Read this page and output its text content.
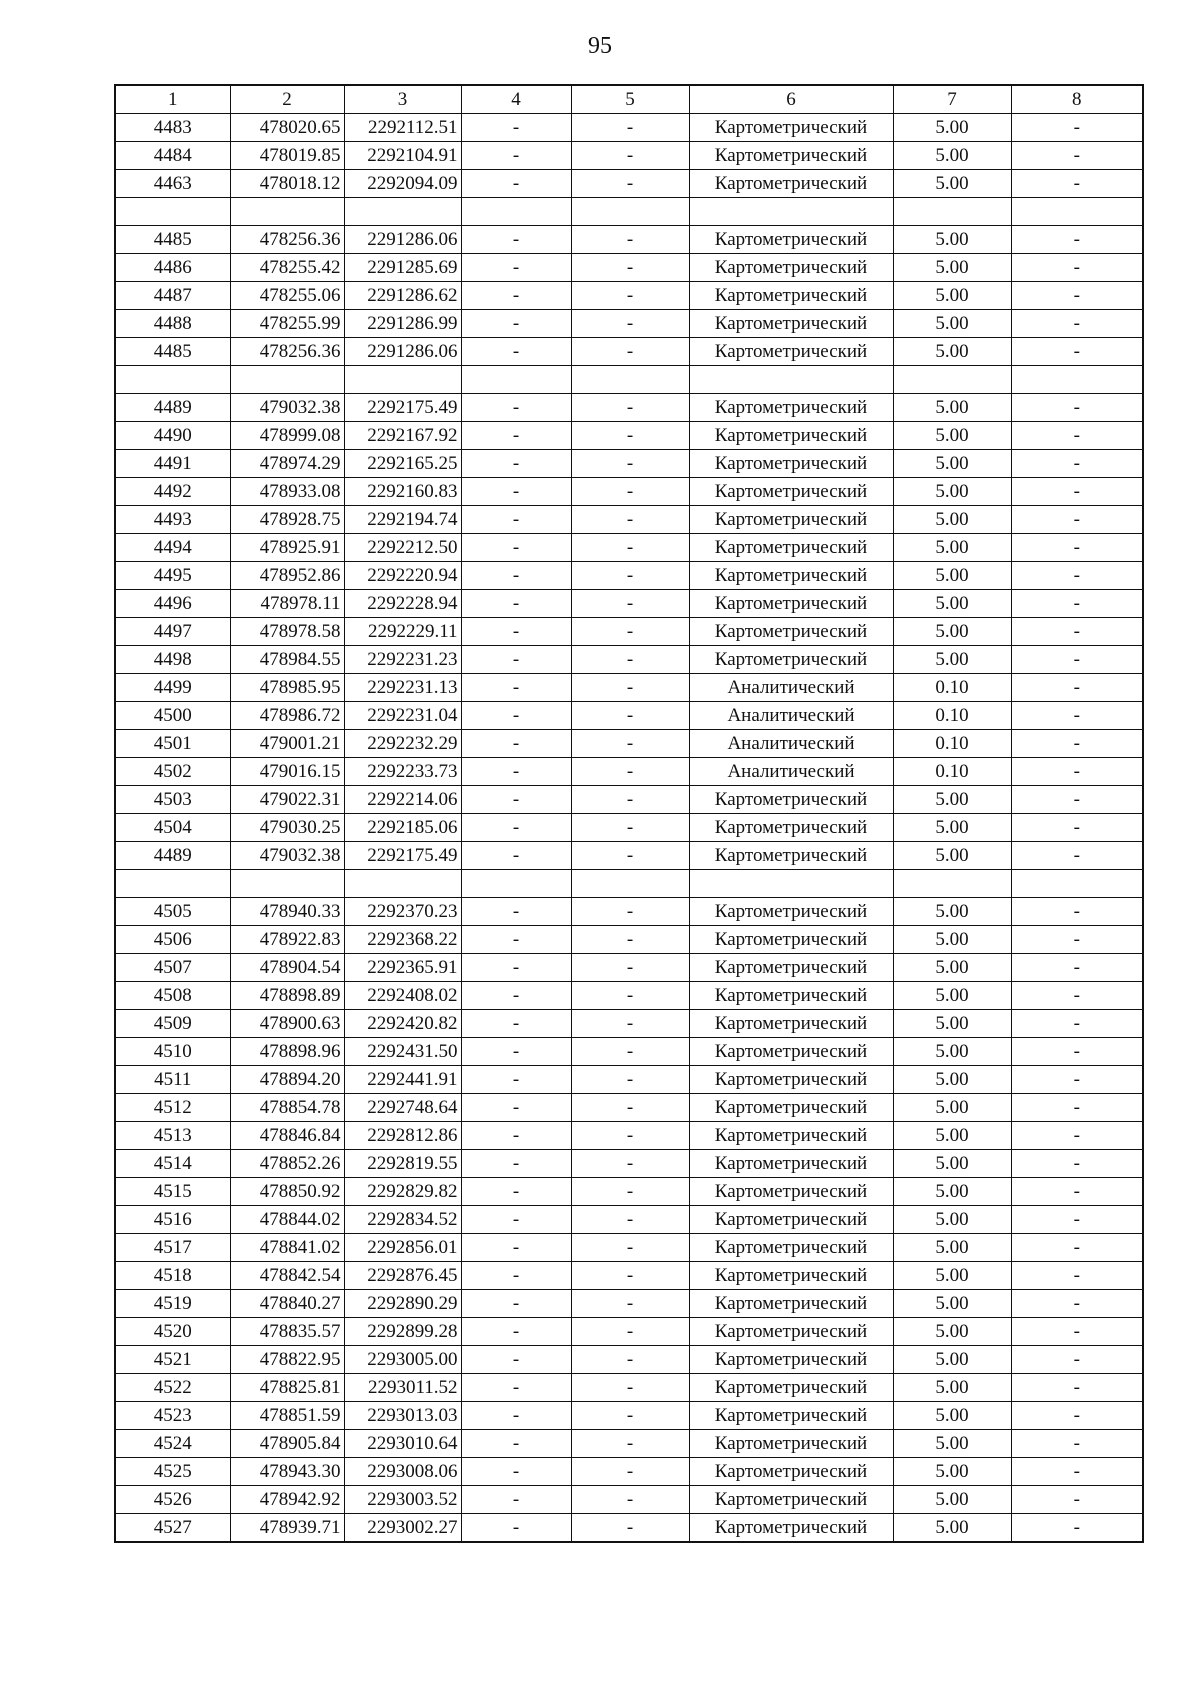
95
1	2	3	4	5	6	7	8
4483	478020.65	2292112.51	-	-	Картометрический	5.00	-
4484	478019.85	2292104.91	-	-	Картометрический	5.00	-
4463	478018.12	2292094.09	-	-	Картометрический	5.00	-

4485	478256.36	2291286.06	-	-	Картометрический	5.00	-
4486	478255.42	2291285.69	-	-	Картометрический	5.00	-
4487	478255.06	2291286.62	-	-	Картометрический	5.00	-
4488	478255.99	2291286.99	-	-	Картометрический	5.00	-
4485	478256.36	2291286.06	-	-	Картометрический	5.00	-

4489	479032.38	2292175.49	-	-	Картометрический	5.00	-
4490	478999.08	2292167.92	-	-	Картометрический	5.00	-
4491	478974.29	2292165.25	-	-	Картометрический	5.00	-
4492	478933.08	2292160.83	-	-	Картометрический	5.00	-
4493	478928.75	2292194.74	-	-	Картометрический	5.00	-
4494	478925.91	2292212.50	-	-	Картометрический	5.00	-
4495	478952.86	2292220.94	-	-	Картометрический	5.00	-
4496	478978.11	2292228.94	-	-	Картометрический	5.00	-
4497	478978.58	2292229.11	-	-	Картометрический	5.00	-
4498	478984.55	2292231.23	-	-	Картометрический	5.00	-
4499	478985.95	2292231.13	-	-	Аналитический	0.10	-
4500	478986.72	2292231.04	-	-	Аналитический	0.10	-
4501	479001.21	2292232.29	-	-	Аналитический	0.10	-
4502	479016.15	2292233.73	-	-	Аналитический	0.10	-
4503	479022.31	2292214.06	-	-	Картометрический	5.00	-
4504	479030.25	2292185.06	-	-	Картометрический	5.00	-
4489	479032.38	2292175.49	-	-	Картометрический	5.00	-

4505	478940.33	2292370.23	-	-	Картометрический	5.00	-
4506	478922.83	2292368.22	-	-	Картометрический	5.00	-
4507	478904.54	2292365.91	-	-	Картометрический	5.00	-
4508	478898.89	2292408.02	-	-	Картометрический	5.00	-
4509	478900.63	2292420.82	-	-	Картометрический	5.00	-
4510	478898.96	2292431.50	-	-	Картометрический	5.00	-
4511	478894.20	2292441.91	-	-	Картометрический	5.00	-
4512	478854.78	2292748.64	-	-	Картометрический	5.00	-
4513	478846.84	2292812.86	-	-	Картометрический	5.00	-
4514	478852.26	2292819.55	-	-	Картометрический	5.00	-
4515	478850.92	2292829.82	-	-	Картометрический	5.00	-
4516	478844.02	2292834.52	-	-	Картометрический	5.00	-
4517	478841.02	2292856.01	-	-	Картометрический	5.00	-
4518	478842.54	2292876.45	-	-	Картометрический	5.00	-
4519	478840.27	2292890.29	-	-	Картометрический	5.00	-
4520	478835.57	2292899.28	-	-	Картометрический	5.00	-
4521	478822.95	2293005.00	-	-	Картометрический	5.00	-
4522	478825.81	2293011.52	-	-	Картометрический	5.00	-
4523	478851.59	2293013.03	-	-	Картометрический	5.00	-
4524	478905.84	2293010.64	-	-	Картометрический	5.00	-
4525	478943.30	2293008.06	-	-	Картометрический	5.00	-
4526	478942.92	2293003.52	-	-	Картометрический	5.00	-
4527	478939.71	2293002.27	-	-	Картометрический	5.00	-
